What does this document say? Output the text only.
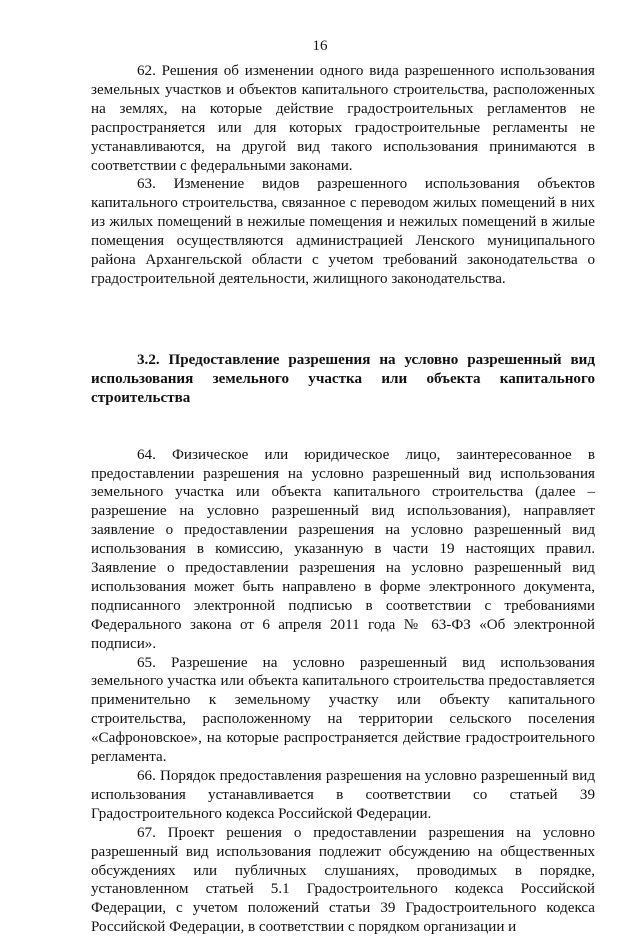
16

62. Решения об изменении одного вида разрешенного использования земельных участков и объектов капитального строительства, расположенных на землях, на которые действие градостроительных регламентов не распространяется или для которых градостроительные регламенты не устанавливаются, на другой вид такого использования принимаются в соответствии с федеральными законами.

63. Изменение видов разрешенного использования объектов капитального строительства, связанное с переводом жилых помещений в них из жилых помещений в нежилые помещения и нежилых помещений в жилые помещения осуществляются администрацией Ленского муниципального района Архангельской области с учетом требований законодательства о градостроительной деятельности, жилищного законодательства.

3.2. Предоставление разрешения на условно разрешенный вид использования земельного участка или объекта капитального строительства

64. Физическое или юридическое лицо, заинтересованное в предоставлении разрешения на условно разрешенный вид использования земельного участка или объекта капитального строительства (далее – разрешение на условно разрешенный вид использования), направляет заявление о предоставлении разрешения на условно разрешенный вид использования в комиссию, указанную в части 19 настоящих правил. Заявление о предоставлении разрешения на условно разрешенный вид использования может быть направлено в форме электронного документа, подписанного электронной подписью в соответствии с требованиями Федерального закона от 6 апреля 2011 года № 63-ФЗ «Об электронной подписи».

65. Разрешение на условно разрешенный вид использования земельного участка или объекта капитального строительства предоставляется применительно к земельному участку или объекту капитального строительства, расположенному на территории сельского поселения «Сафроновское», на которые распространяется действие градостроительного регламента.

66. Порядок предоставления разрешения на условно разрешенный вид использования устанавливается в соответствии со статьей 39 Градостроительного кодекса Российской Федерации.

67. Проект решения о предоставлении разрешения на условно разрешенный вид использования подлежит обсуждению на общественных обсуждениях или публичных слушаниях, проводимых в порядке, установленном статьей 5.1 Градостроительного кодекса Российской Федерации, с учетом положений статьи 39 Градостроительного кодекса Российской Федерации, в соответствии с порядком организации и
